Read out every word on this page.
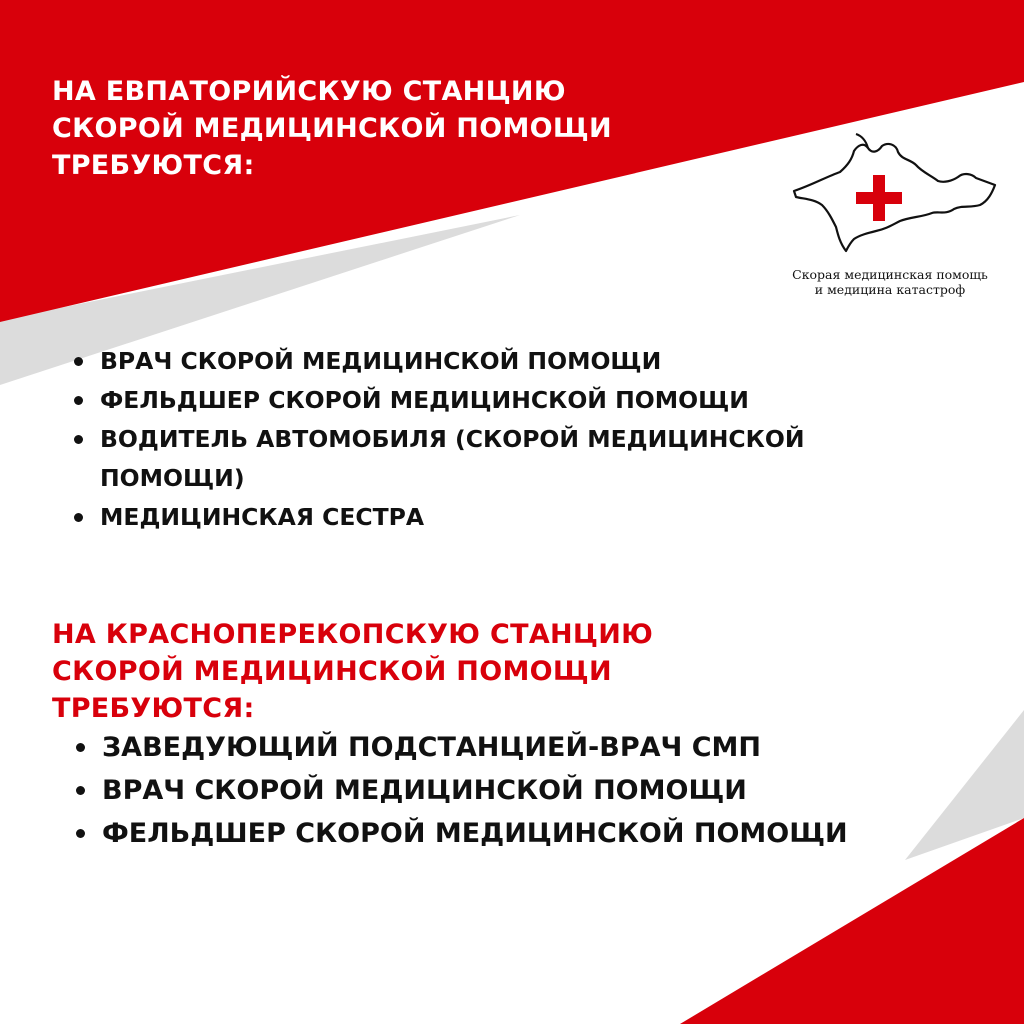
НА ЕВПАТОРИЙСКУЮ СТАНЦИЮ СКОРОЙ МЕДИЦИНСКОЙ ПОМОЩИ ТРЕБУЮТСЯ:
ВРАЧ СКОРОЙ МЕДИЦИНСКОЙ ПОМОЩИ
ФЕЛЬДШЕР СКОРОЙ МЕДИЦИНСКОЙ ПОМОЩИ
ВОДИТЕЛЬ АВТОМОБИЛЯ (СКОРОЙ МЕДИЦИНСКОЙ ПОМОЩИ)
МЕДИЦИНСКАЯ СЕСТРА
НА КРАСНОПЕРЕКОПСКУЮ СТАНЦИЮ СКОРОЙ МЕДИЦИНСКОЙ ПОМОЩИ ТРЕБУЮТСЯ:
ЗАВЕДУЮЩИЙ ПОДСТАНЦИЕЙ-ВРАЧ СМП
ВРАЧ СКОРОЙ МЕДИЦИНСКОЙ ПОМОЩИ
ФЕЛЬДШЕР СКОРОЙ МЕДИЦИНСКОЙ ПОМОЩИ

Скорая медицинская помощь
и медицина катастроф
